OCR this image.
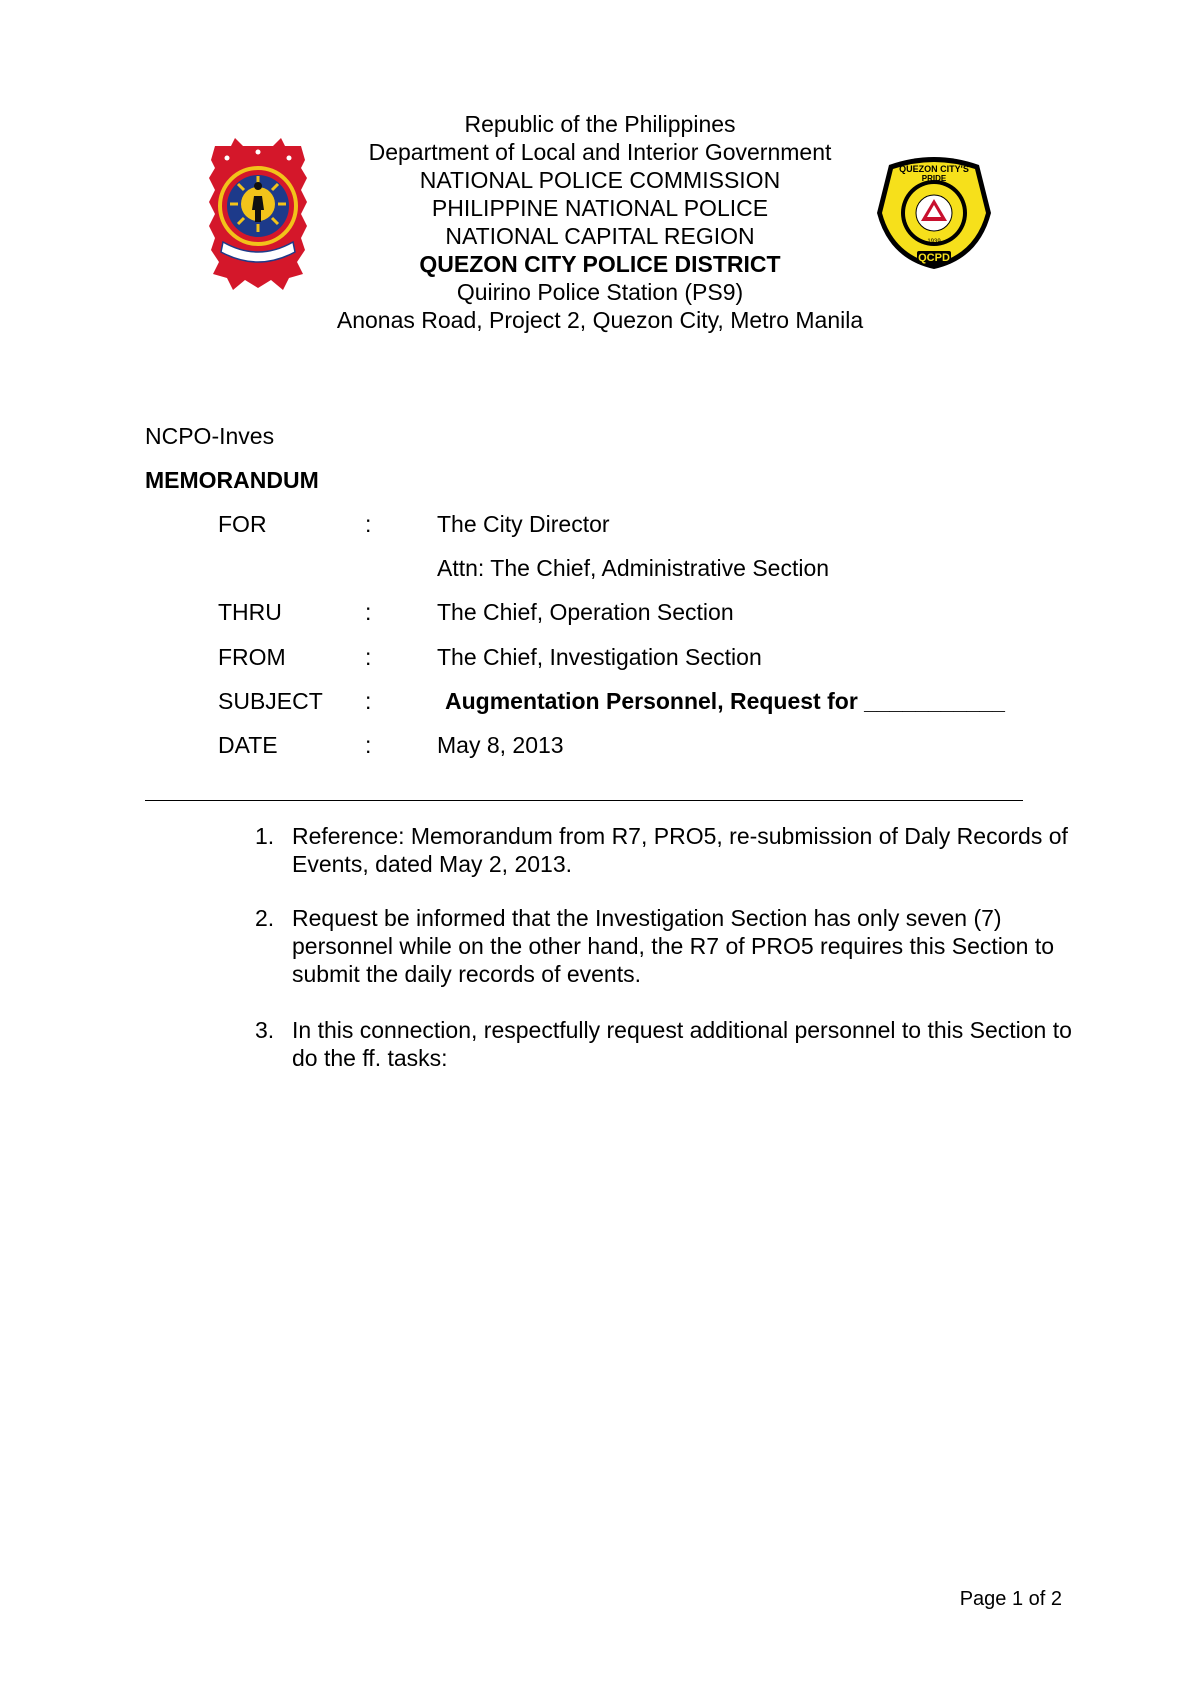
Republic of the Philippines
Department of Local and Interior Government
NATIONAL POLICE COMMISSION
PHILIPPINE NATIONAL POLICE
NATIONAL CAPITAL REGION
QUEZON CITY POLICE DISTRICT
Quirino Police Station (PS9)
Anonas Road, Project 2, Quezon City, Metro Manila
QCPD
QUEZON CITY'S
PRIDE
1939
NCPO-Inves
MEMORANDUM
FOR	:	The City Director
Attn: The Chief, Administrative Section
THRU	:	The Chief, Operation Section
FROM	:	The Chief, Investigation Section
SUBJECT :	Augmentation Personnel, Request for ___________
DATE	:	May 8, 2013
1. Reference: Memorandum from R7, PRO5, re-submission of Daly Records of Events, dated May 2, 2013.
2. Request be informed that the Investigation Section has only seven (7) personnel while on the other hand, the R7 of PRO5 requires this Section to submit the daily records of events.
3. In this connection, respectfully request additional personnel to this Section to do the ff. tasks:
Page 1 of 2
